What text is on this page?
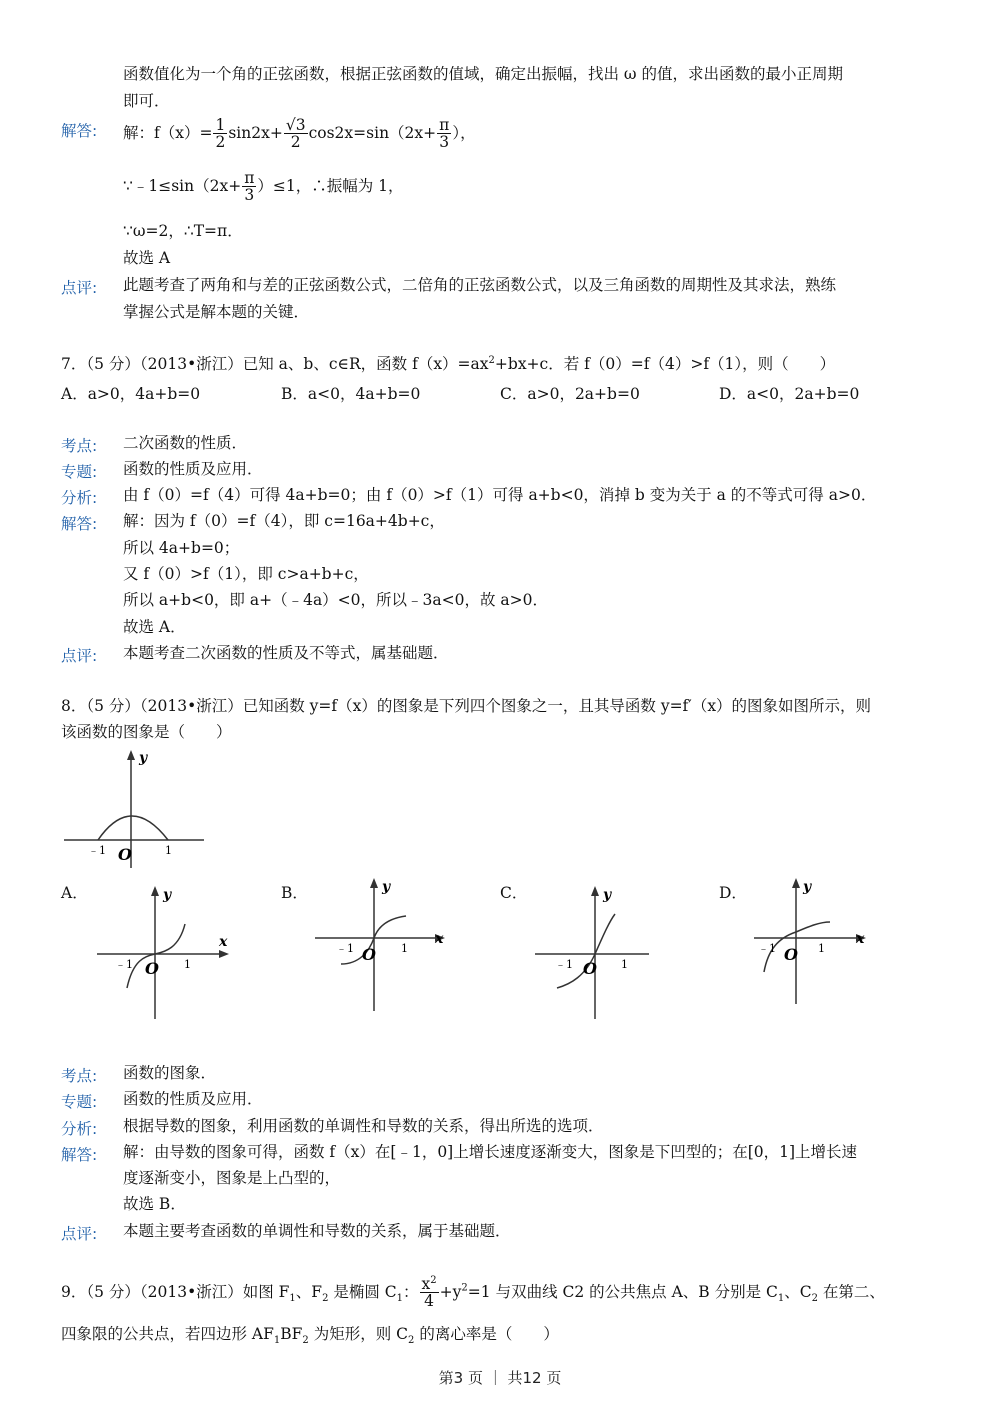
函数值化为一个角的正弦函数，根据正弦函数的值域，确定出振幅，找出 ω 的值，求出函数的最小正周期
即可．
解答: 解：$f(x)= \frac{1}{2} \sin 2x+ \frac{√3}{2} \cos 2x=\sin(2x+ \frac{\pi}{3}$ ），
∵﹣1≤sin（2x+ $\frac{\pi}{3} )\le 1$，∴振幅为 1，
∵ω=2，∴T=π．
故选 A
点评: 此题考查了两角和与差的正弦函数公式，二倍角的正弦函数公式，以及三角函数的周期性及其求法，熟练
掌握公式是解本题的关键．
7．（5 分）（2013•浙江）已知 a、b、c∈R，函数 $f(x)=ax^2+bx+c$．若 f（0）=f（4）>f（1），则（　　）
A．a>0，4a+b=0	B．a<0，4a+b=0	C．a>0，2a+b=0	D．a<0，2a+b=0
考点: 二次函数的性质．
专题: 函数的性质及应用．
分析: 由 f（0）=f（4）可得 4a+b=0；由 f（0）>f（1）可得 a+b<0，消掉 b 变为关于 a 的不等式可得 a>0．
解答: 解：因为 f（0）=f（4），即 c=16a+4b+c，
所以 4a+b=0；
又 f（0）>f（1），即 c>a+b+c，
所以 a+b<0，即 a+（﹣4a）<0，所以﹣3a<0，故 a>0．
故选 A．
点评: 本题考查二次函数的性质及不等式，属基础题．
8．（5 分）（2013•浙江）已知函数 y=f（x）的图象是下列四个图象之一，且其导函数 y=f′（x）的图象如图所示，则
该函数的图象是（　　）
y
O
﹣1	1
A．	B．	C．	D．
y
x
O
﹣1	1
y
x
O
﹣1	1
y
O
﹣1	1
y
x
O
﹣1	1
考点: 函数的图象．
专题: 函数的性质及应用．
分析: 根据导数的图象，利用函数的单调性和导数的关系，得出所选的选项．
解答: 解：由导数的图象可得，函数 f（x）在[﹣1，0]上增长速度逐渐变大，图象是下凹型的；在[0，1]上增长速
度逐渐变小，图象是上凸型的，
故选 B．
点评: 本题主要考查函数的单调性和导数的关系，属于基础题．
9．（5 分）（2013•浙江）如图 $F_1$、$F_2$ 是椭圆 $C_1$： $\frac{x^2}{4} +y^2=1$ 与双曲线 C2 的公共焦点 A、B 分别是 $C_1$、$C_2$ 在第二、
四象限的公共点，若四边形 $AF_1BF_2$ 为矩形，则 $C_2$ 的离心率是（　　）
第3 页 ｜ 共12 页
